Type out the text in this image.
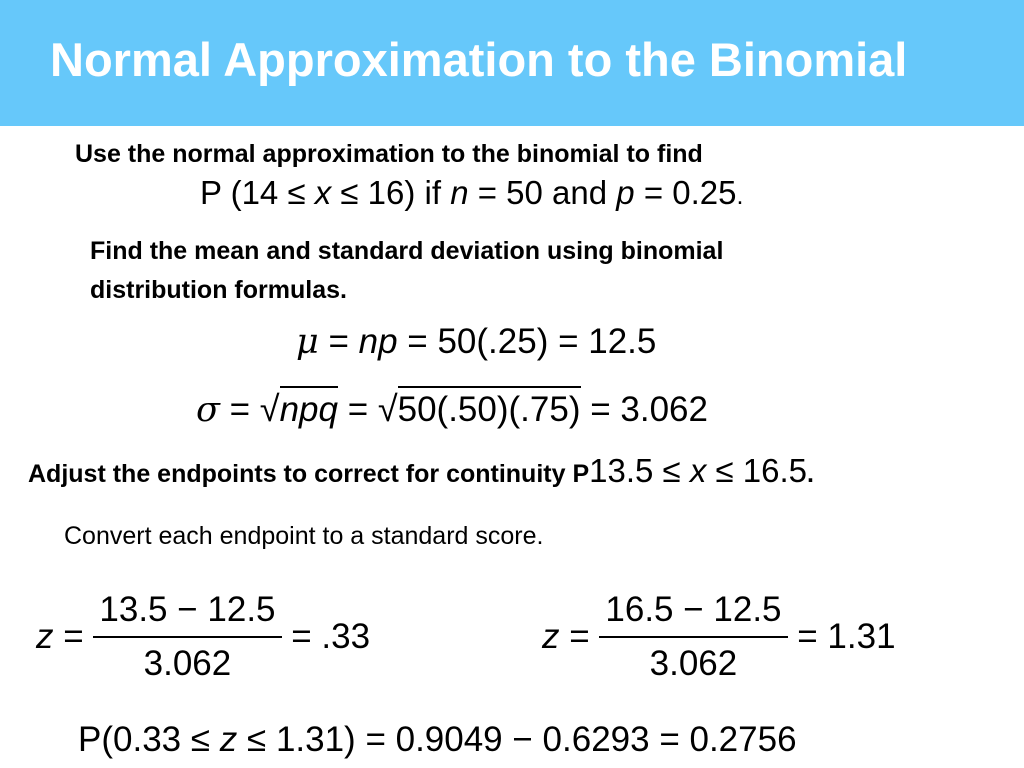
Normal Approximation to the Binomial
Use the normal approximation to the binomial to find
P (14 ≤ x ≤ 16) if n = 50 and p = 0.25.
Find the mean and standard deviation using binomial
distribution formulas.
μ = np = 50(.25) = 12.5
σ = √npq = √50(.50)(.75) = 3.062
Adjust the endpoints to correct for continuity P13.5 ≤ x ≤ 16.5.
Convert each endpoint to a standard score.
$z = \frac{13.5 - 12.5}{3.062} = .33$	$z = \frac{16.5 - 12.5}{3.062} = 1.31$
P(0.33 ≤ z ≤ 1.31) = 0.9049 − 0.6293 = 0.2756
